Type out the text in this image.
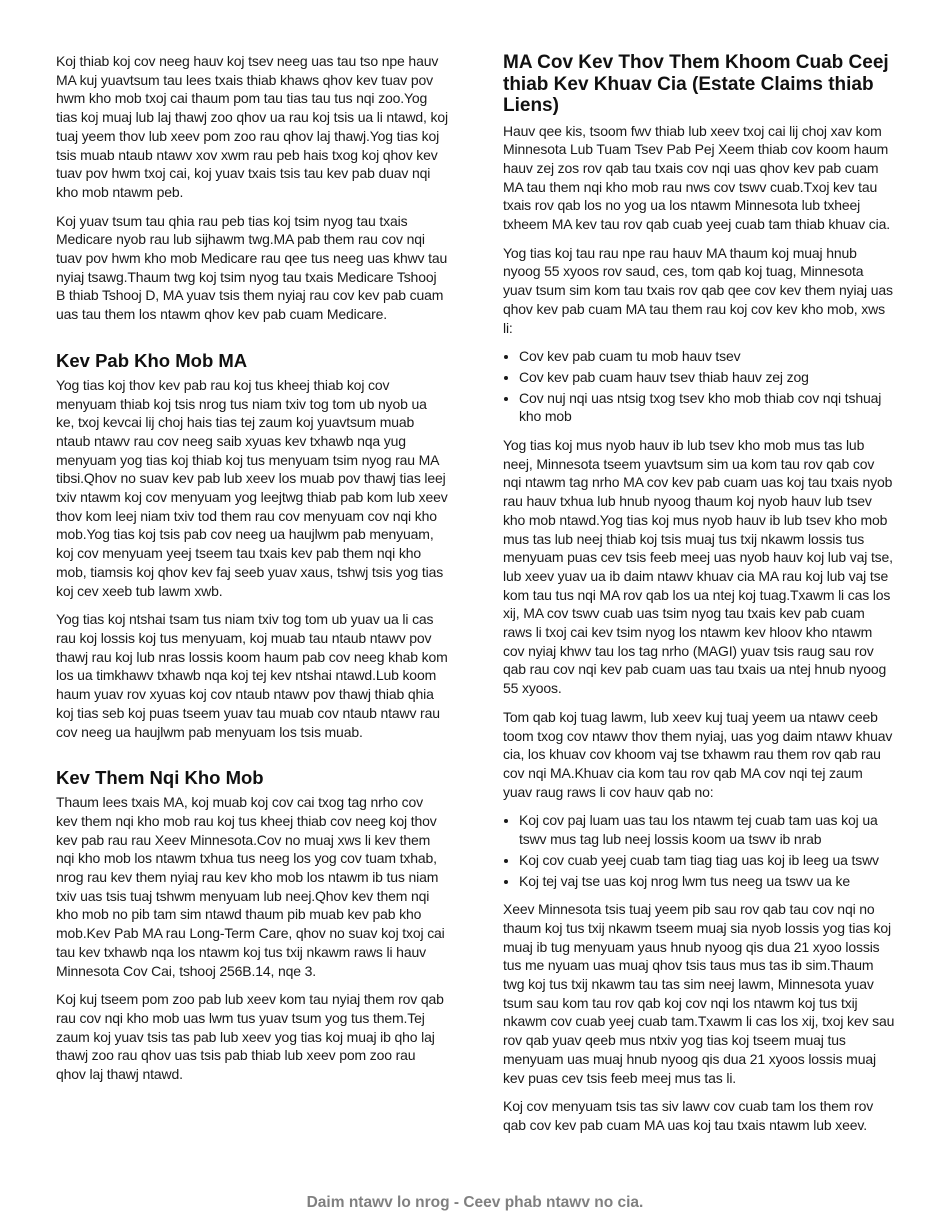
Koj thiab koj cov neeg hauv koj tsev neeg uas tau tso npe hauv MA kuj yuavtsum tau lees txais thiab khaws qhov kev tuav pov hwm kho mob txoj cai thaum pom tau tias tau tus nqi zoo.Yog tias koj muaj lub laj thawj zoo qhov ua rau koj tsis ua li ntawd, koj tuaj yeem thov lub xeev pom zoo rau qhov laj thawj.Yog tias koj tsis muab ntaub ntawv xov xwm rau peb hais txog koj qhov kev tuav pov hwm txoj cai, koj yuav txais tsis tau kev pab duav nqi kho mob ntawm peb.

Koj yuav tsum tau qhia rau peb tias koj tsim nyog tau txais Medicare nyob rau lub sijhawm twg.MA pab them rau cov nqi tuav pov hwm kho mob Medicare rau qee tus neeg uas khwv tau nyiaj tsawg.Thaum twg koj tsim nyog tau txais Medicare Tshooj B thiab Tshooj D, MA yuav tsis them nyiaj rau cov kev pab cuam uas tau them los ntawm qhov kev pab cuam Medicare.

Kev Pab Kho Mob MA

Yog tias koj thov kev pab rau koj tus kheej thiab koj cov menyuam thiab koj tsis nrog tus niam txiv tog tom ub nyob ua ke, txoj kevcai lij choj hais tias tej zaum koj yuavtsum muab ntaub ntawv rau cov neeg saib xyuas kev txhawb nqa yug menyuam yog tias koj thiab koj tus menyuam tsim nyog rau MA tibsi.Qhov no suav kev pab lub xeev los muab pov thawj tias leej txiv ntawm koj cov menyuam yog leejtwg thiab pab kom lub xeev thov kom leej niam txiv tod them rau cov menyuam cov nqi kho mob.Yog tias koj tsis pab cov neeg ua haujlwm pab menyuam, koj cov menyuam yeej tseem tau txais kev pab them nqi kho mob, tiamsis koj qhov kev faj seeb yuav xaus, tshwj tsis yog tias koj cev xeeb tub lawm xwb.

Yog tias koj ntshai tsam tus niam txiv tog tom ub yuav ua li cas rau koj lossis koj tus menyuam, koj muab tau ntaub ntawv pov thawj rau koj lub nras lossis koom haum pab cov neeg khab kom los ua timkhawv txhawb nqa koj tej kev ntshai ntawd.Lub koom haum yuav rov xyuas koj cov ntaub ntawv pov thawj thiab qhia koj tias seb koj puas tseem yuav tau muab cov ntaub ntawv rau cov neeg ua haujlwm pab menyuam los tsis muab.

Kev Them Nqi Kho Mob

Thaum lees txais MA, koj muab koj cov cai txog tag nrho cov kev them nqi kho mob rau koj tus kheej thiab cov neeg koj thov kev pab rau rau Xeev Minnesota.Cov no muaj xws li kev them nqi kho mob los ntawm txhua tus neeg los yog cov tuam txhab, nrog rau kev them nyiaj rau kev kho mob los ntawm ib tus niam txiv uas tsis tuaj tshwm menyuam lub neej.Qhov kev them nqi kho mob no pib tam sim ntawd thaum pib muab kev pab kho mob.Kev Pab MA rau Long-Term Care, qhov no suav koj txoj cai tau kev txhawb nqa los ntawm koj tus txij nkawm raws li hauv Minnesota Cov Cai, tshooj 256B.14, nqe 3.

Koj kuj tseem pom zoo pab lub xeev kom tau nyiaj them rov qab rau cov nqi kho mob uas lwm tus yuav tsum yog tus them.Tej zaum koj yuav tsis tas pab lub xeev yog tias koj muaj ib qho laj thawj zoo rau qhov uas tsis pab thiab lub xeev pom zoo rau qhov laj thawj ntawd.

MA Cov Kev Thov Them Khoom Cuab Ceej thiab Kev Khuav Cia (Estate Claims thiab Liens)

Hauv qee kis, tsoom fwv thiab lub xeev txoj cai lij choj xav kom Minnesota Lub Tuam Tsev Pab Pej Xeem thiab cov koom haum hauv zej zos rov qab tau txais cov nqi uas qhov kev pab cuam MA tau them nqi kho mob rau nws cov tswv cuab.Txoj kev tau txais rov qab los no yog ua los ntawm Minnesota lub txheej txheem MA kev tau rov qab cuab yeej cuab tam thiab khuav cia.

Yog tias koj tau rau npe rau hauv MA thaum koj muaj hnub nyoog 55 xyoos rov saud, ces, tom qab koj tuag, Minnesota yuav tsum sim kom tau txais rov qab qee cov kev them nyiaj uas qhov kev pab cuam MA tau them rau koj cov kev kho mob, xws li:

• Cov kev pab cuam tu mob hauv tsev
• Cov kev pab cuam hauv tsev thiab hauv zej zog
• Cov nuj nqi uas ntsig txog tsev kho mob thiab cov nqi tshuaj kho mob

Yog tias koj mus nyob hauv ib lub tsev kho mob mus tas lub neej, Minnesota tseem yuavtsum sim ua kom tau rov qab cov nqi ntawm tag nrho MA cov kev pab cuam uas koj tau txais nyob rau hauv txhua lub hnub nyoog thaum koj nyob hauv lub tsev kho mob ntawd.Yog tias koj mus nyob hauv ib lub tsev kho mob mus tas lub neej thiab koj tsis muaj tus txij nkawm lossis tus menyuam puas cev tsis feeb meej uas nyob hauv koj lub vaj tse, lub xeev yuav ua ib daim ntawv khuav cia MA rau koj lub vaj tse kom tau tus nqi MA rov qab los ua ntej koj tuag.Txawm li cas los xij, MA cov tswv cuab uas tsim nyog tau txais kev pab cuam raws li txoj cai kev tsim nyog los ntawm kev hloov kho ntawm cov nyiaj khwv tau los tag nrho (MAGI) yuav tsis raug sau rov qab rau cov nqi kev pab cuam uas tau txais ua ntej hnub nyoog 55 xyoos.

Tom qab koj tuag lawm, lub xeev kuj tuaj yeem ua ntawv ceeb toom txog cov ntawv thov them nyiaj, uas yog daim ntawv khuav cia, los khuav cov khoom vaj tse txhawm rau them rov qab rau cov nqi MA.Khuav cia kom tau rov qab MA cov nqi tej zaum yuav raug raws li cov hauv qab no:

• Koj cov paj luam uas tau los ntawm tej cuab tam uas koj ua tswv mus tag lub neej lossis koom ua tswv ib nrab
• Koj cov cuab yeej cuab tam tiag tiag uas koj ib leeg ua tswv
• Koj tej vaj tse uas koj nrog lwm tus neeg ua tswv ua ke

Xeev Minnesota tsis tuaj yeem pib sau rov qab tau cov nqi no thaum koj tus txij nkawm tseem muaj sia nyob lossis yog tias koj muaj ib tug menyuam yaus hnub nyoog qis dua 21 xyoo lossis tus me nyuam uas muaj qhov tsis taus mus tas ib sim.Thaum twg koj tus txij nkawm tau tas sim neej lawm, Minnesota yuav tsum sau kom tau rov qab koj cov nqi los ntawm koj tus txij nkawm cov cuab yeej cuab tam.Txawm li cas los xij, txoj kev sau rov qab yuav qeeb mus ntxiv yog tias koj tseem muaj tus menyuam uas muaj hnub nyoog qis dua 21 xyoos lossis muaj kev puas cev tsis feeb meej mus tas li.

Koj cov menyuam tsis tas siv lawv cov cuab tam los them rov qab cov kev pab cuam MA uas koj tau txais ntawm lub xeev.

Daim ntawv lo nrog - Ceev phab ntawv no cia.
